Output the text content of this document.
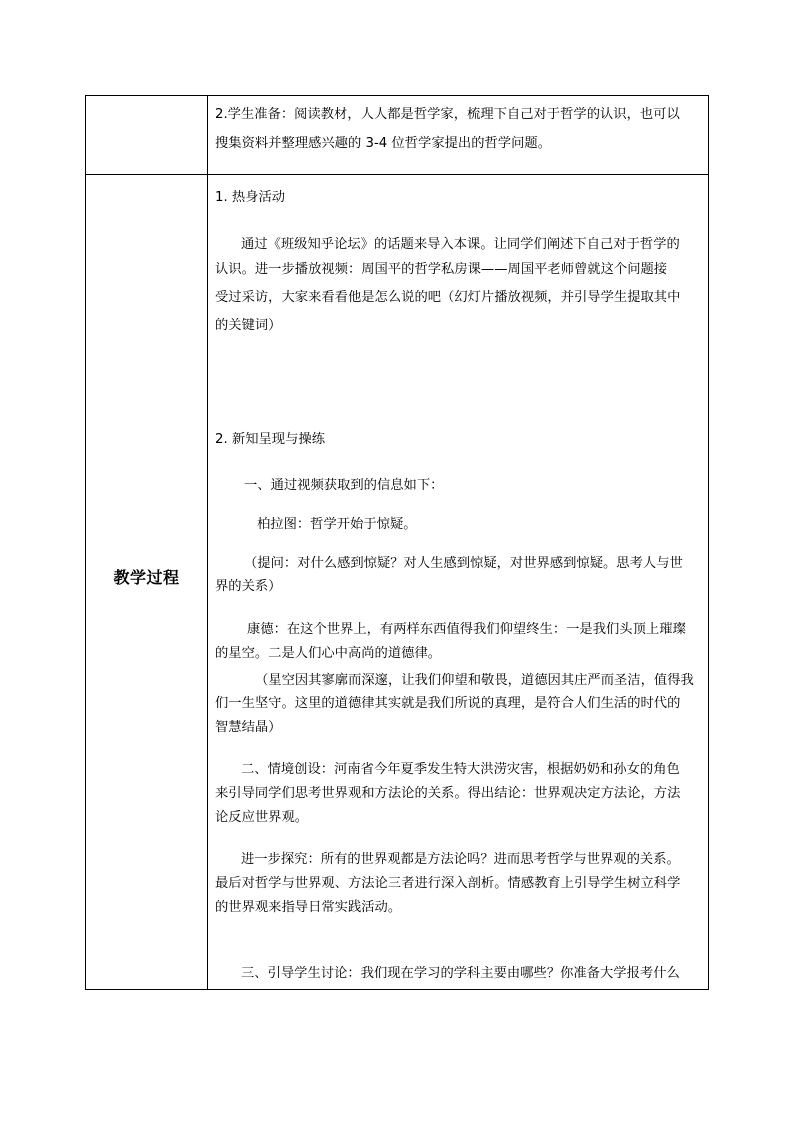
教学过程
2.学生准备：阅读教材，人人都是哲学家，梳理下自己对于哲学的认识，也可以
搜集资料并整理感兴趣的 3-4 位哲学家提出的哲学问题。
1. 热身活动
通过《班级知乎论坛》的话题来导入本课。让同学们阐述下自己对于哲学的
认识。进一步播放视频：周国平的哲学私房课——周国平老师曾就这个问题接
受过采访，大家来看看他是怎么说的吧（幻灯片播放视频，并引导学生提取其中
的关键词）
2. 新知呈现与操练
一、通过视频获取到的信息如下：
柏拉图：哲学开始于惊疑。
（提问：对什么感到惊疑？对人生感到惊疑，对世界感到惊疑。思考人与世
界的关系）
康德：在这个世界上，有两样东西值得我们仰望终生：一是我们头顶上璀璨
的星空。二是人们心中高尚的道德律。
（星空因其寥廓而深邃，让我们仰望和敬畏，道德因其庄严而圣洁，值得我
们一生坚守。这里的道德律其实就是我们所说的真理，是符合人们生活的时代的
智慧结晶）
二、情境创设：河南省今年夏季发生特大洪涝灾害，根据奶奶和孙女的角色
来引导同学们思考世界观和方法论的关系。得出结论：世界观决定方法论，方法
论反应世界观。
进一步探究：所有的世界观都是方法论吗？进而思考哲学与世界观的关系。
最后对哲学与世界观、方法论三者进行深入剖析。情感教育上引导学生树立科学
的世界观来指导日常实践活动。
三、引导学生讨论：我们现在学习的学科主要由哪些？你准备大学报考什么
